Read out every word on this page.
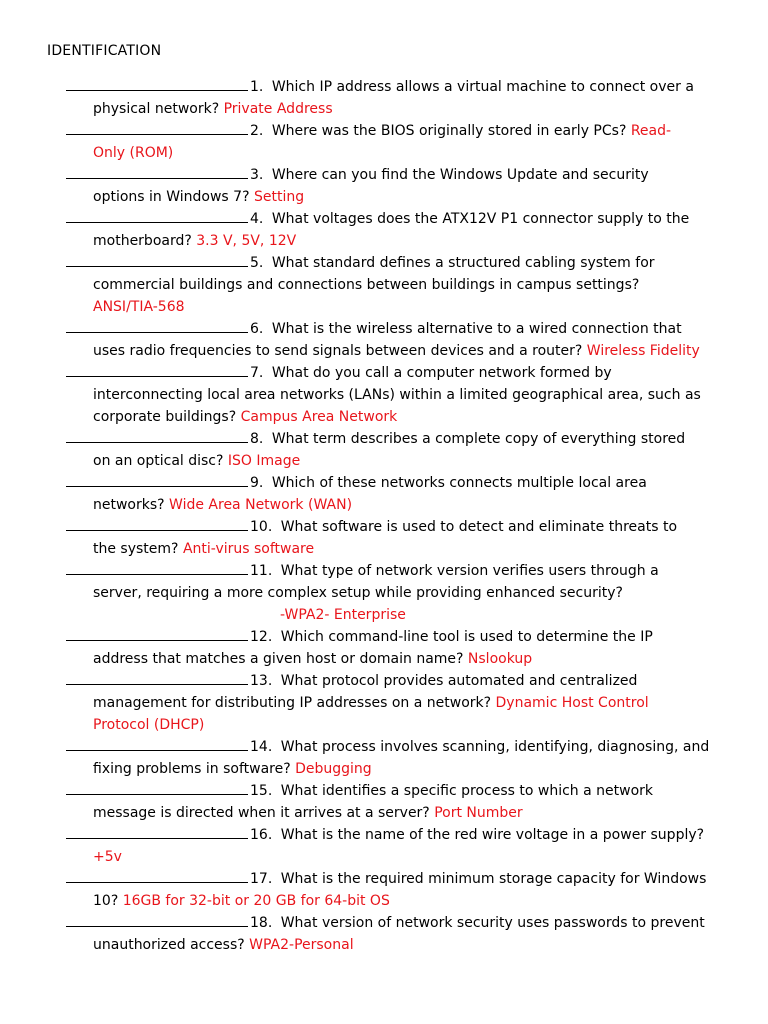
IDENTIFICATION
1. Which IP address allows a virtual machine to connect over a
physical network? Private Address
2. Where was the BIOS originally stored in early PCs? Read-
Only (ROM)
3. Where can you find the Windows Update and security
options in Windows 7? Setting
4. What voltages does the ATX12V P1 connector supply to the
motherboard? 3.3 V, 5V, 12V
5. What standard defines a structured cabling system for
commercial buildings and connections between buildings in campus settings?
ANSI/TIA-568
6. What is the wireless alternative to a wired connection that
uses radio frequencies to send signals between devices and a router? Wireless Fidelity
7. What do you call a computer network formed by
interconnecting local area networks (LANs) within a limited geographical area, such as
corporate buildings? Campus Area Network
8. What term describes a complete copy of everything stored
on an optical disc? ISO Image
9. Which of these networks connects multiple local area
networks? Wide Area Network (WAN)
10. What software is used to detect and eliminate threats to
the system? Anti-virus software
11. What type of network version verifies users through a
server, requiring a more complex setup while providing enhanced security?
-WPA2- Enterprise
12. Which command-line tool is used to determine the IP
address that matches a given host or domain name? Nslookup
13. What protocol provides automated and centralized
management for distributing IP addresses on a network? Dynamic Host Control
Protocol (DHCP)
14. What process involves scanning, identifying, diagnosing, and
fixing problems in software? Debugging
15. What identifies a specific process to which a network
message is directed when it arrives at a server? Port Number
16. What is the name of the red wire voltage in a power supply?
+5v
17. What is the required minimum storage capacity for Windows
10? 16GB for 32-bit or 20 GB for 64-bit OS
18. What version of network security uses passwords to prevent
unauthorized access? WPA2-Personal
